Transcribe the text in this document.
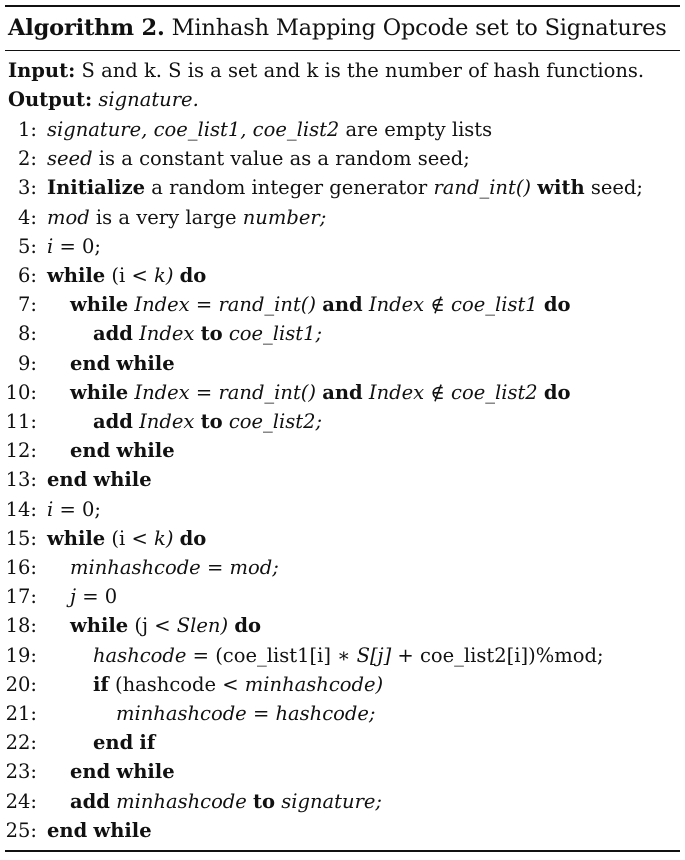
Algorithm 2. Minhash Mapping Opcode set to Signatures
Input: S and k. S is a set and k is the number of hash functions.
Output: signature.
1: signature, coe_list1, coe_list2 are empty lists
2: seed is a constant value as a random seed;
3: Initialize a random integer generator rand_int() with seed;
4: mod is a very large number;
5: i = 0;
6: while (i < k) do
7: while Index = rand_int() and Index ∉ coe_list1 do
8:	add Index to coe_list1;
9: end while
10: while Index = rand_int() and Index ∉ coe_list2 do
11:	add Index to coe_list2;
12: end while
13: end while
14: i = 0;
15: while (i < k) do
16: minhashcode = mod;
17: j = 0
18: while (j < Slen) do
19:	hashcode = (coe_list1[i] ∗ S[j] + coe_list2[i])%mod;
20:	if (hashcode < minhashcode)
21:	minhashcode = hashcode;
22:	end if
23: end while
24: add minhashcode to signature;
25: end while
